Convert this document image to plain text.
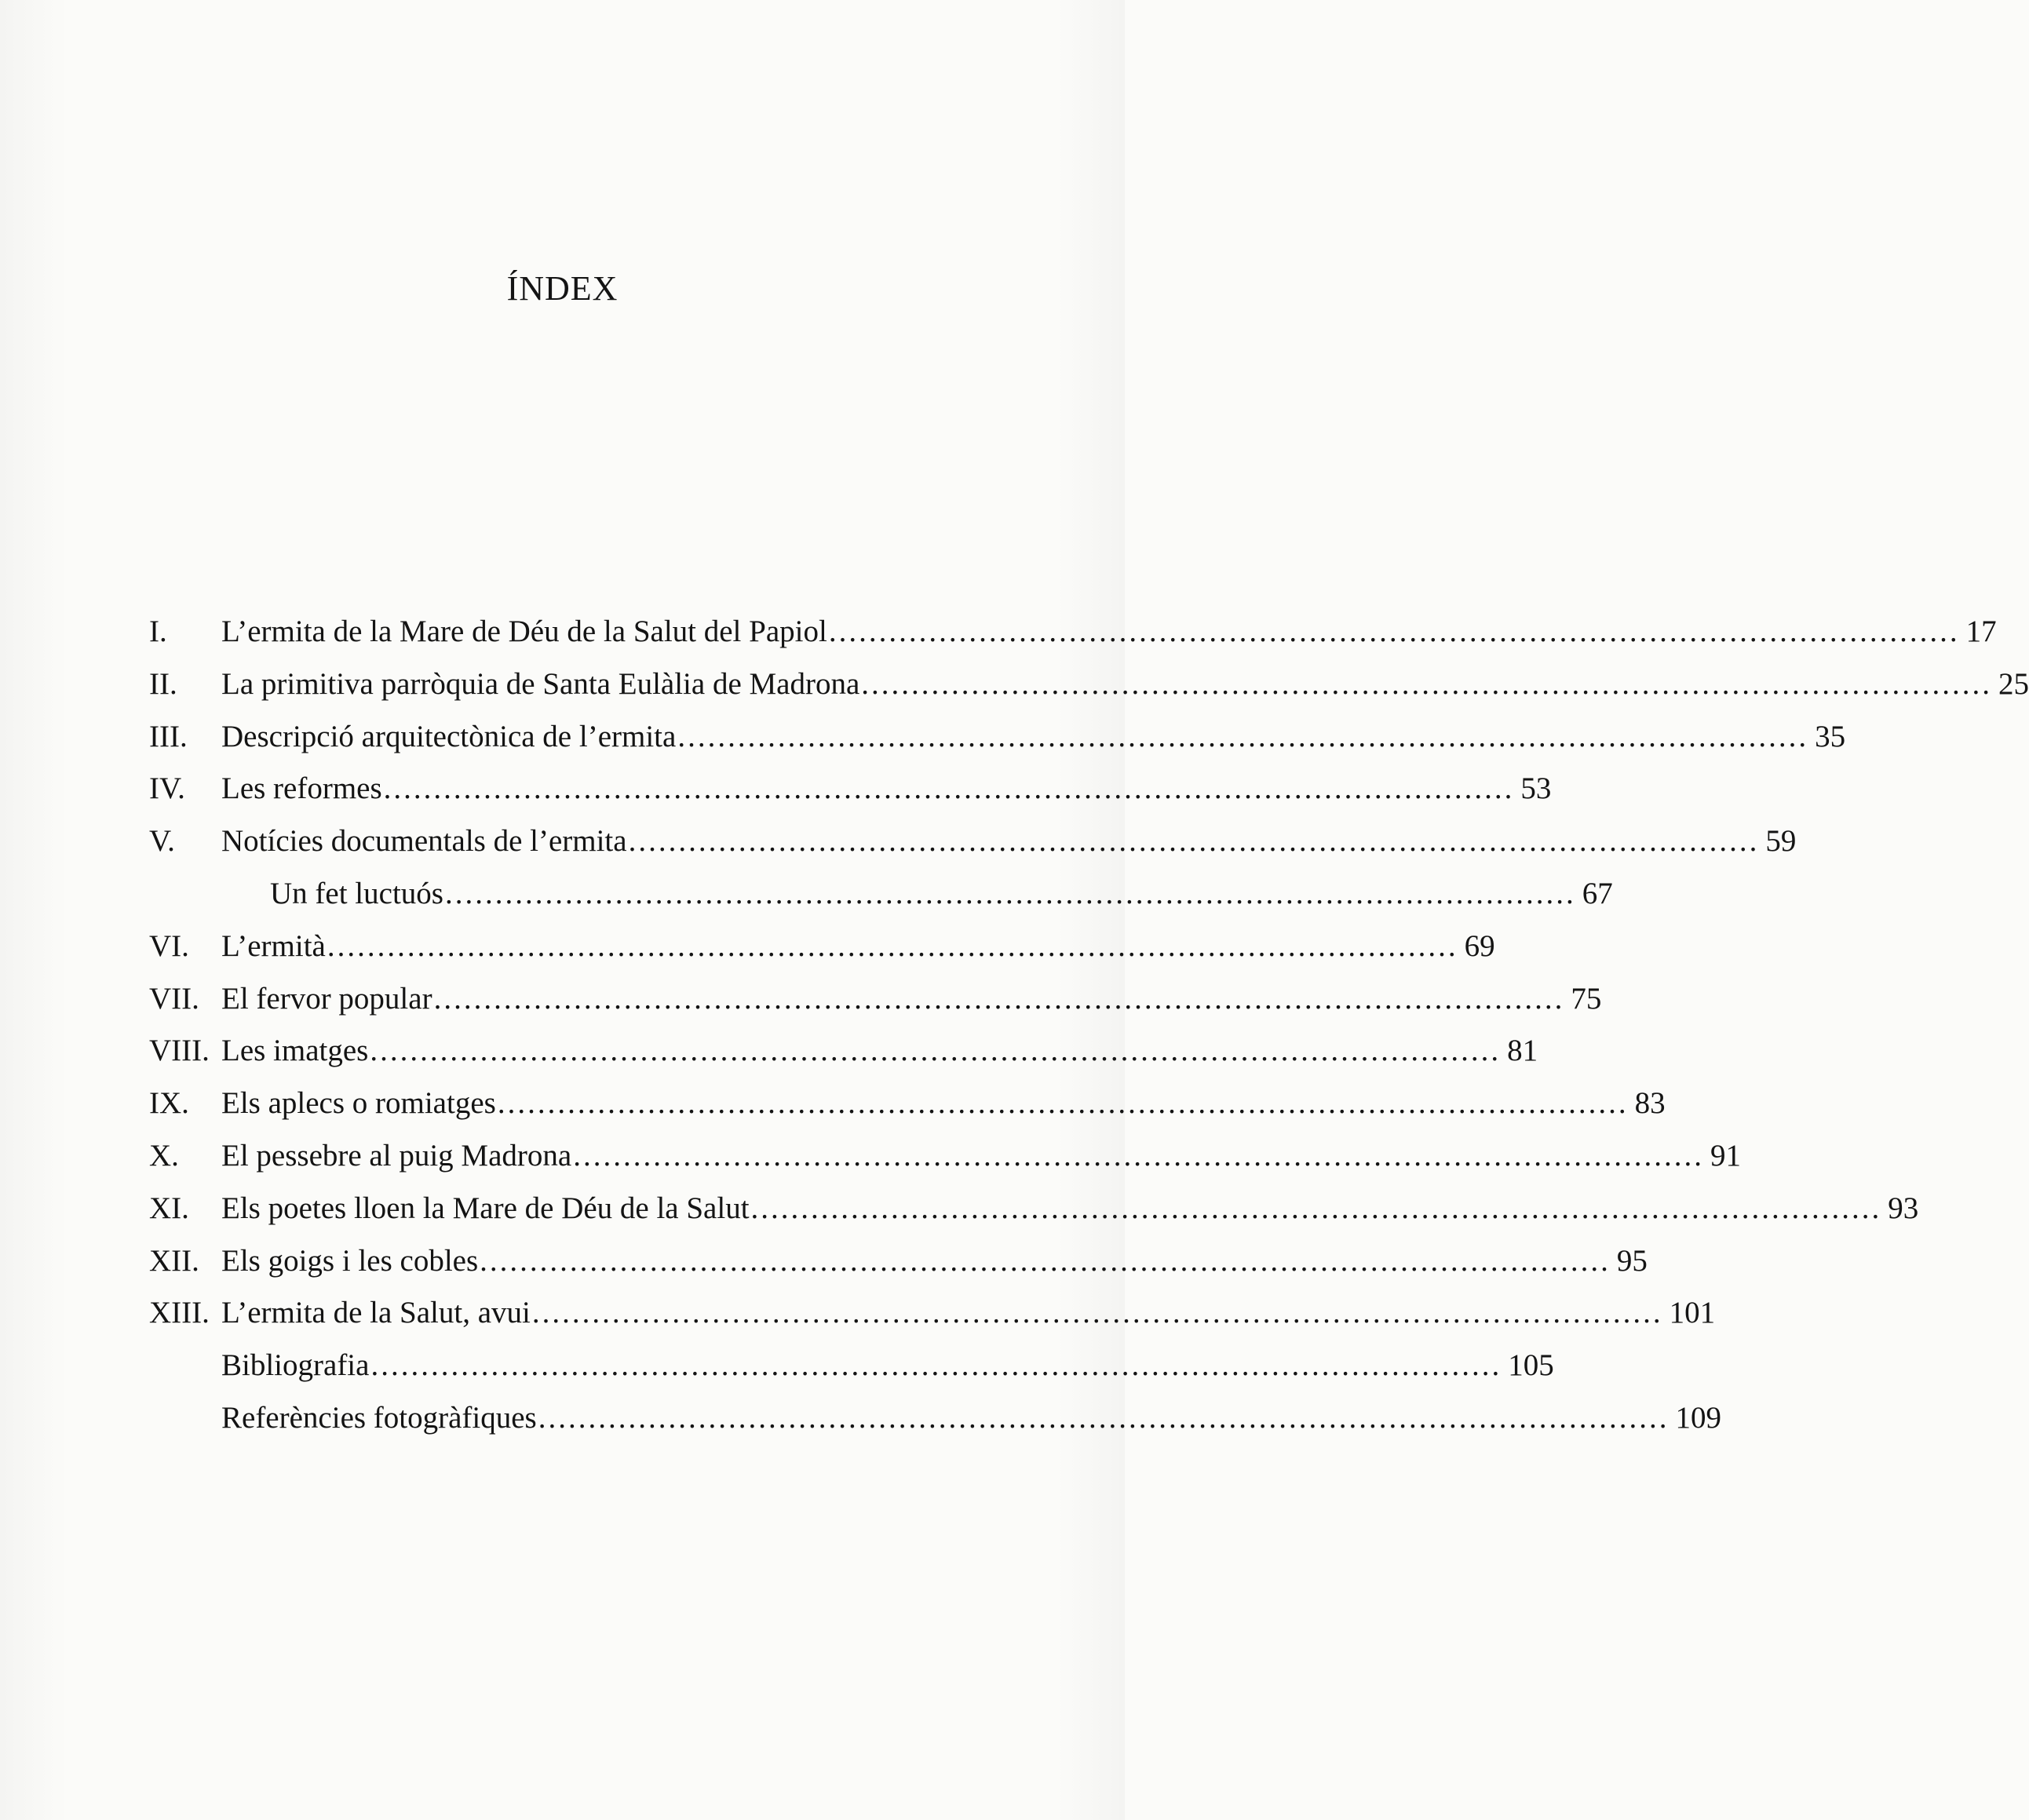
ÍNDEX
I. L’ermita de la Mare de Déu de la Salut del Papiol ................................................................................................................. 17
II. La primitiva parròquia de Santa Eulàlia de Madrona ................................................................................................................. 25
III. Descripció arquitectònica de l’ermita ................................................................................................................. 35
IV. Les reformes ................................................................................................................. 53
V. Notícies documentals de l’ermita ................................................................................................................. 59
Un fet luctuós ................................................................................................................. 67
VI. L’ermità ................................................................................................................. 69
VII. El fervor popular ................................................................................................................. 75
VIII. Les imatges ................................................................................................................. 81
IX. Els aplecs o romiatges ................................................................................................................. 83
X. El pessebre al puig Madrona ................................................................................................................. 91
XI. Els poetes lloen la Mare de Déu de la Salut ................................................................................................................. 93
XII. Els goigs i les cobles ................................................................................................................. 95
XIII. L’ermita de la Salut, avui ................................................................................................................. 101
Bibliografia ................................................................................................................. 105
Referències fotogràfiques ................................................................................................................. 109
